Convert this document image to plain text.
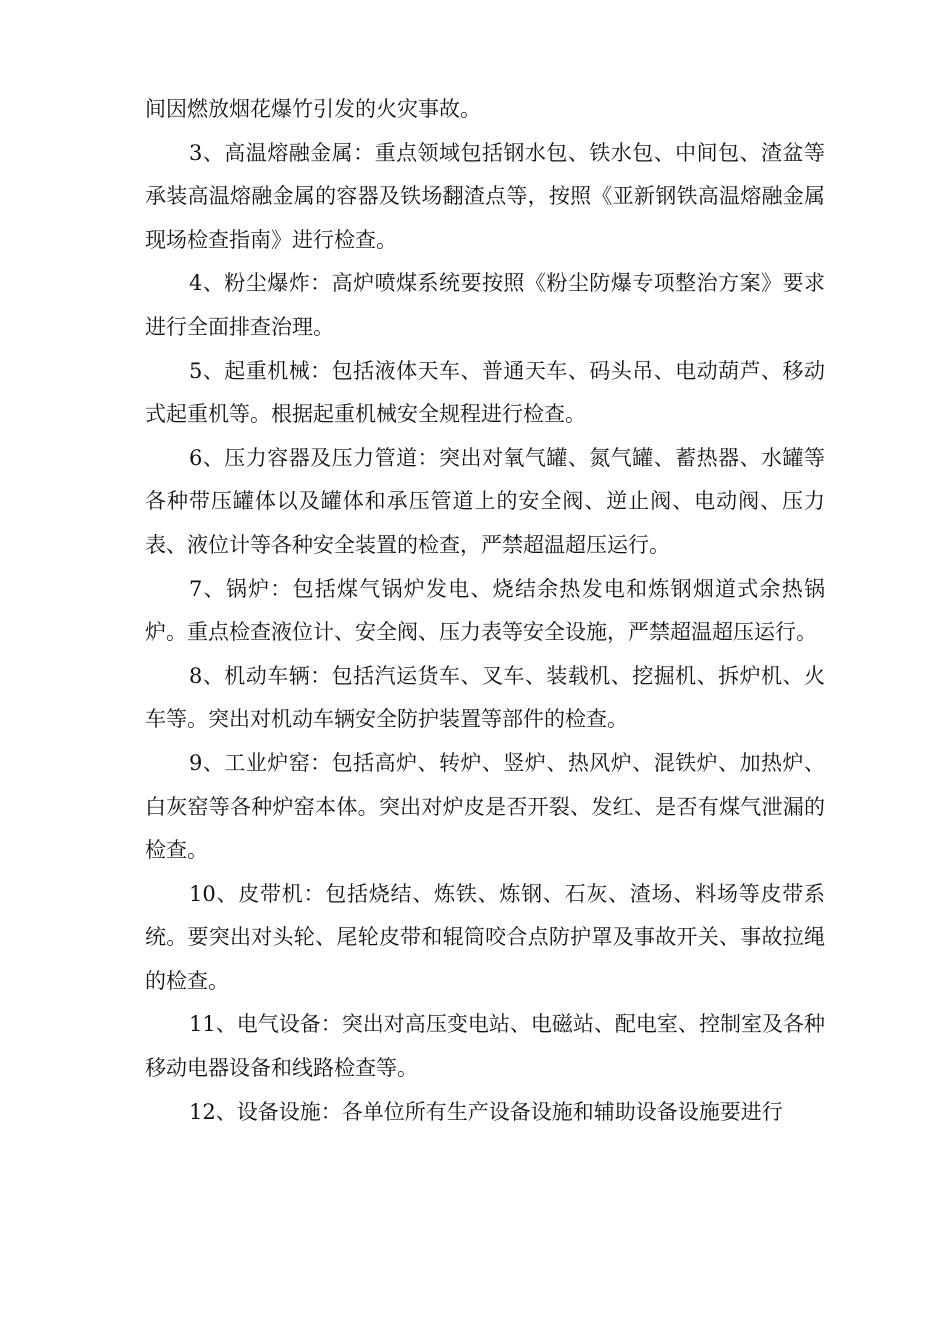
间因燃放烟花爆竹引发的火灾事故。

3、高温熔融金属：重点领域包括钢水包、铁水包、中间包、渣盆等承装高温熔融金属的容器及铁场翻渣点等，按照《亚新钢铁高温熔融金属现场检查指南》进行检查。

4、粉尘爆炸：高炉喷煤系统要按照《粉尘防爆专项整治方案》要求进行全面排查治理。

5、起重机械：包括液体天车、普通天车、码头吊、电动葫芦、移动式起重机等。根据起重机械安全规程进行检查。

6、压力容器及压力管道：突出对氧气罐、氮气罐、蓄热器、水罐等各种带压罐体以及罐体和承压管道上的安全阀、逆止阀、电动阀、压力表、液位计等各种安全装置的检查，严禁超温超压运行。

7、锅炉：包括煤气锅炉发电、烧结余热发电和炼钢烟道式余热锅炉。重点检查液位计、安全阀、压力表等安全设施，严禁超温超压运行。

8、机动车辆：包括汽运货车、叉车、装载机、挖掘机、拆炉机、火车等。突出对机动车辆安全防护装置等部件的检查。

9、工业炉窑：包括高炉、转炉、竖炉、热风炉、混铁炉、加热炉、白灰窑等各种炉窑本体。突出对炉皮是否开裂、发红、是否有煤气泄漏的检查。

10、皮带机：包括烧结、炼铁、炼钢、石灰、渣场、料场等皮带系统。要突出对头轮、尾轮皮带和辊筒咬合点防护罩及事故开关、事故拉绳的检查。

11、电气设备：突出对高压变电站、电磁站、配电室、控制室及各种移动电器设备和线路检查等。

12、设备设施：各单位所有生产设备设施和辅助设备设施要进行
